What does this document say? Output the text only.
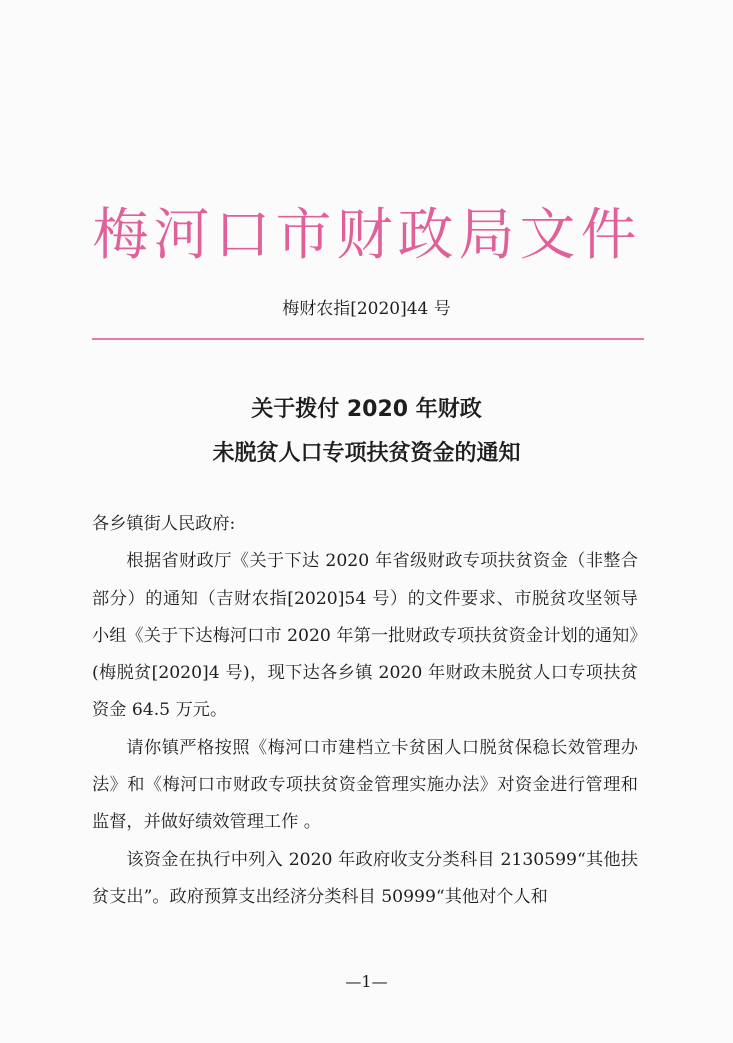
梅河口市财政局文件
梅财农指[2020]44 号
关于拨付 2020 年财政
未脱贫人口专项扶贫资金的通知

各乡镇街人民政府:

根据省财政厅《关于下达 2020 年省级财政专项扶贫资金（非整合部分）的通知（吉财农指[2020]54 号）的文件要求、市脱贫攻坚领导小组《关于下达梅河口市 2020 年第一批财政专项扶贫资金计划的通知》(梅脱贫[2020]4 号)，现下达各乡镇 2020 年财政未脱贫人口专项扶贫资金 64.5 万元。

请你镇严格按照《梅河口市建档立卡贫困人口脱贫保稳长效管理办法》和《梅河口市财政专项扶贫资金管理实施办法》对资金进行管理和监督，并做好绩效管理工作 。

该资金在执行中列入 2020 年政府收支分类科目 2130599“其他扶贫支出”。政府预算支出经济分类科目 50999“其他对个人和

—1—
